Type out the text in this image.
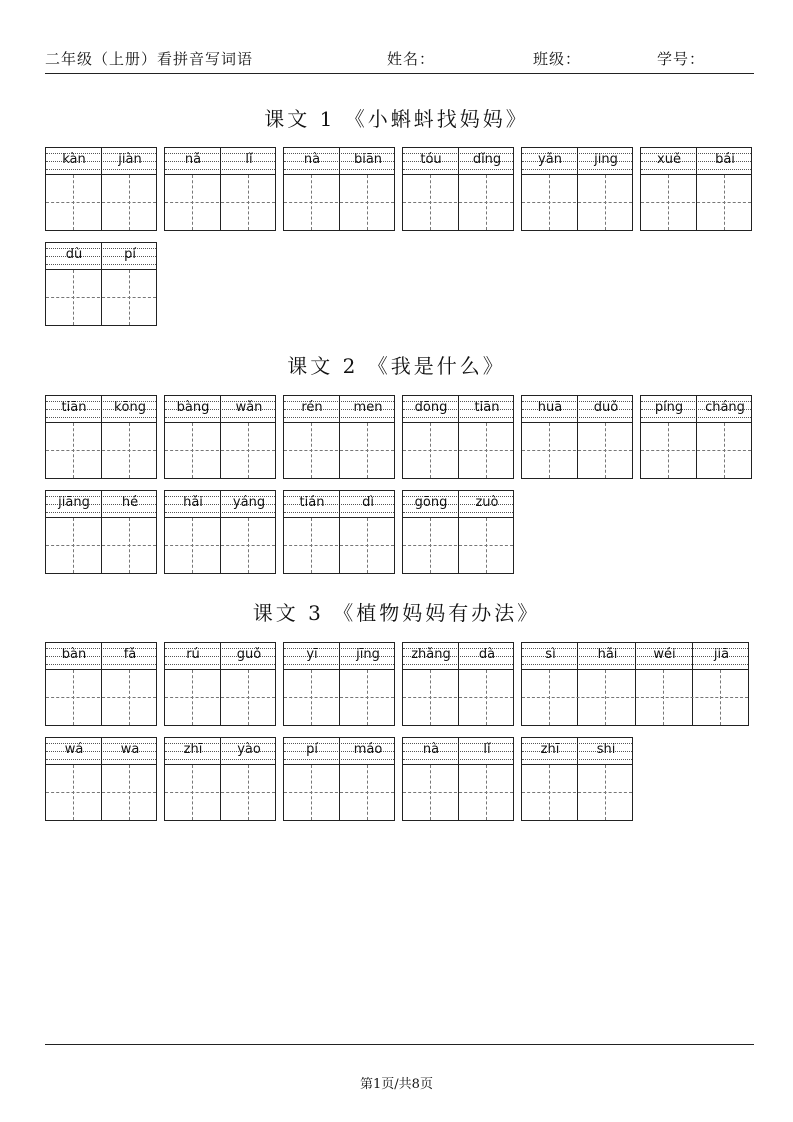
二年级（上册）看拼音写词语	姓名：	班级：	学号：
课文 1 《小蝌蚪找妈妈》
kàn	jiàn	nǎ	lǐ	nà	biān	tóu	dǐng	yǎn	jing	xuě	bái
dù	pí
课文 2 《我是什么》
tiān	kōng	bàng	wǎn	rén	men	dōng	tiān	huā	duǒ	píng	cháng
jiāng	hé	hǎi	yáng	tián	dì	gōng	zuò
课文 3 《植物妈妈有办法》
bàn	fǎ	rú	guǒ	yī	jīng	zhǎng	dà	sì	hǎi	wéi	jiā
wá	wa	zhī	yào	pí	máo	nà	lǐ	zhī	shi
第1页/共8页
